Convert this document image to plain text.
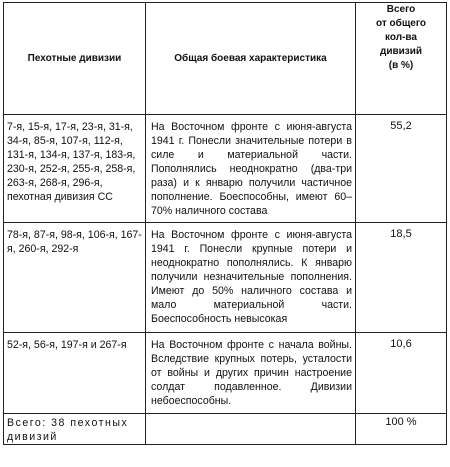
Пехотные дивизии	Общая боевая характеристика	Всего
от общего
кол-ва
дивизий
(в %)

7-я, 15-я, 17-я, 23-я, 31-я, 34-я, 85-я, 107-я, 112-я, 131-я, 134-я, 137-я, 183-я, 230-я, 252-я, 255-я, 258-я, 263-я, 268-я, 296-я, пехотная дивизия СС	На Восточном фронте с июня-августа 1941 г. Понесли значительные потери в силе и материальной части. Пополнялись неоднократно (два-три раза) и к январю получили частичное пополнение. Боеспособны, имеют 60–70% наличного состава	55,2
78-я, 87-я, 98-я, 106-я, 167-я, 260-я, 292-я	На Восточном фронте с июня-августа 1941 г. Понесли крупные потери и неоднократно пополнялись. К январю получили незначительные пополнения. Имеют до 50% наличного состава и мало материальной части. Боеспособность невысокая	18,5
52-я, 56-я, 197-я и 267-я	На Восточном фронте с начала войны. Вследствие крупных потерь, усталости от войны и других причин настроение солдат подавленное. Дивизии небоеспособны.	10,6
Всего: 38 пехотных дивизий		100 %
